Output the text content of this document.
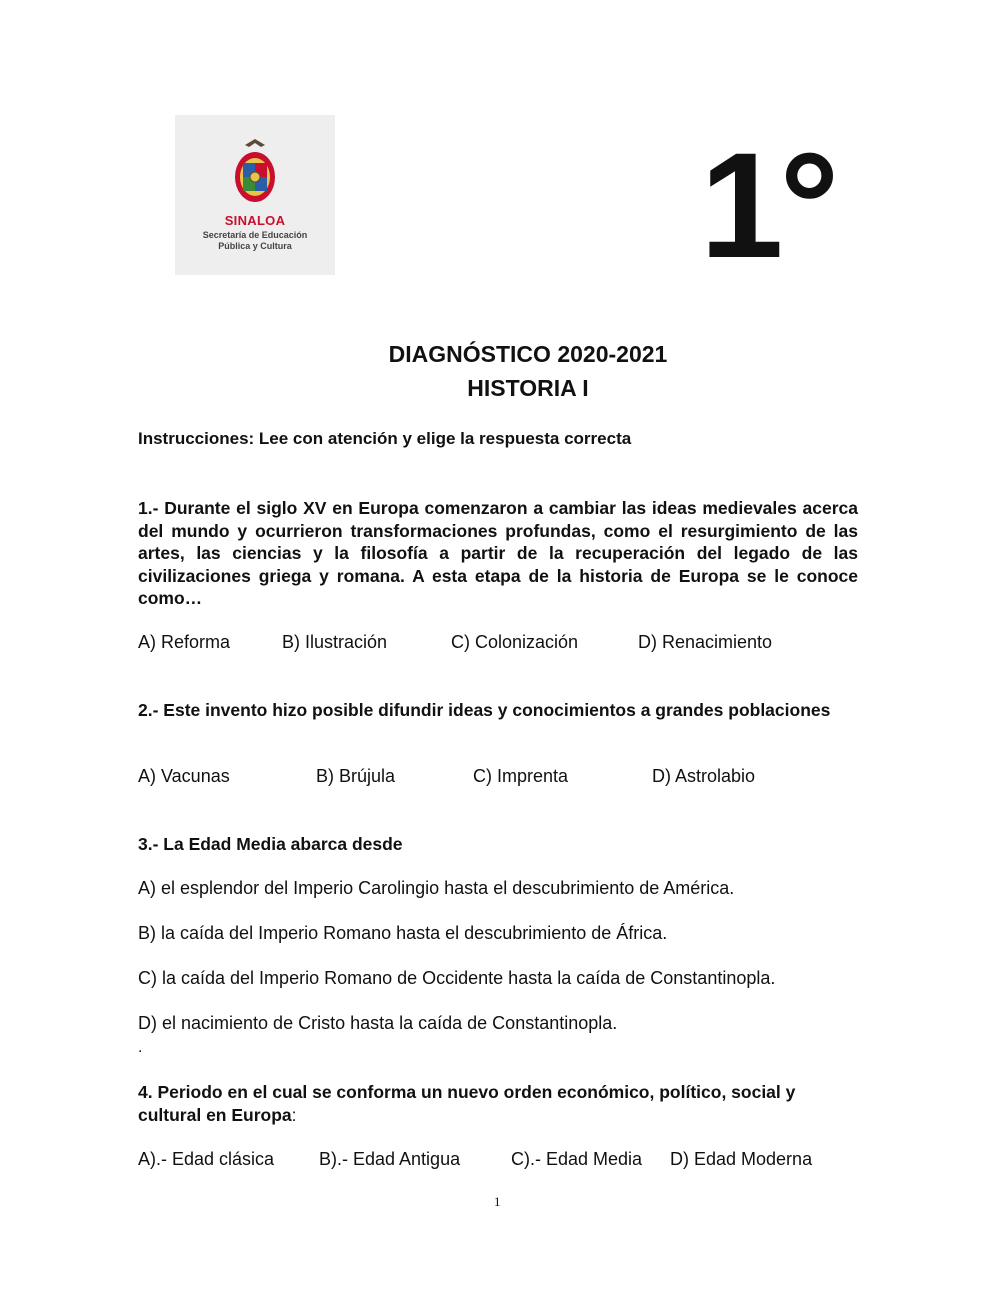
SINALOA
Secretaría de Educación
Pública y Cultura	1°
DIAGNÓSTICO 2020-2021
HISTORIA I
Instrucciones: Lee con atención y elige la respuesta correcta
1.- Durante el siglo XV en Europa comenzaron a cambiar las ideas medievales acerca del mundo y ocurrieron transformaciones profundas, como el resurgimiento de las artes, las ciencias y la filosofía a partir de la recuperación del legado de las civilizaciones griega y romana. A esta etapa de la historia de Europa se le conoce como…
A) Reforma	B) Ilustración	C) Colonización	D) Renacimiento
2.- Este invento hizo posible difundir ideas y conocimientos a grandes poblaciones
A) Vacunas	B) Brújula	C) Imprenta	D) Astrolabio
3.- La Edad Media abarca desde
A) el esplendor del Imperio Carolingio hasta el descubrimiento de América.
B) la caída del Imperio Romano hasta el descubrimiento de África.
C) la caída del Imperio Romano de Occidente hasta la caída de Constantinopla.
D) el nacimiento de Cristo hasta la caída de Constantinopla.
.
4. Periodo en el cual se conforma un nuevo orden económico, político, social y cultural en Europa:
A).- Edad clásica B).- Edad Antigua	C).- Edad Media D) Edad Moderna
1
